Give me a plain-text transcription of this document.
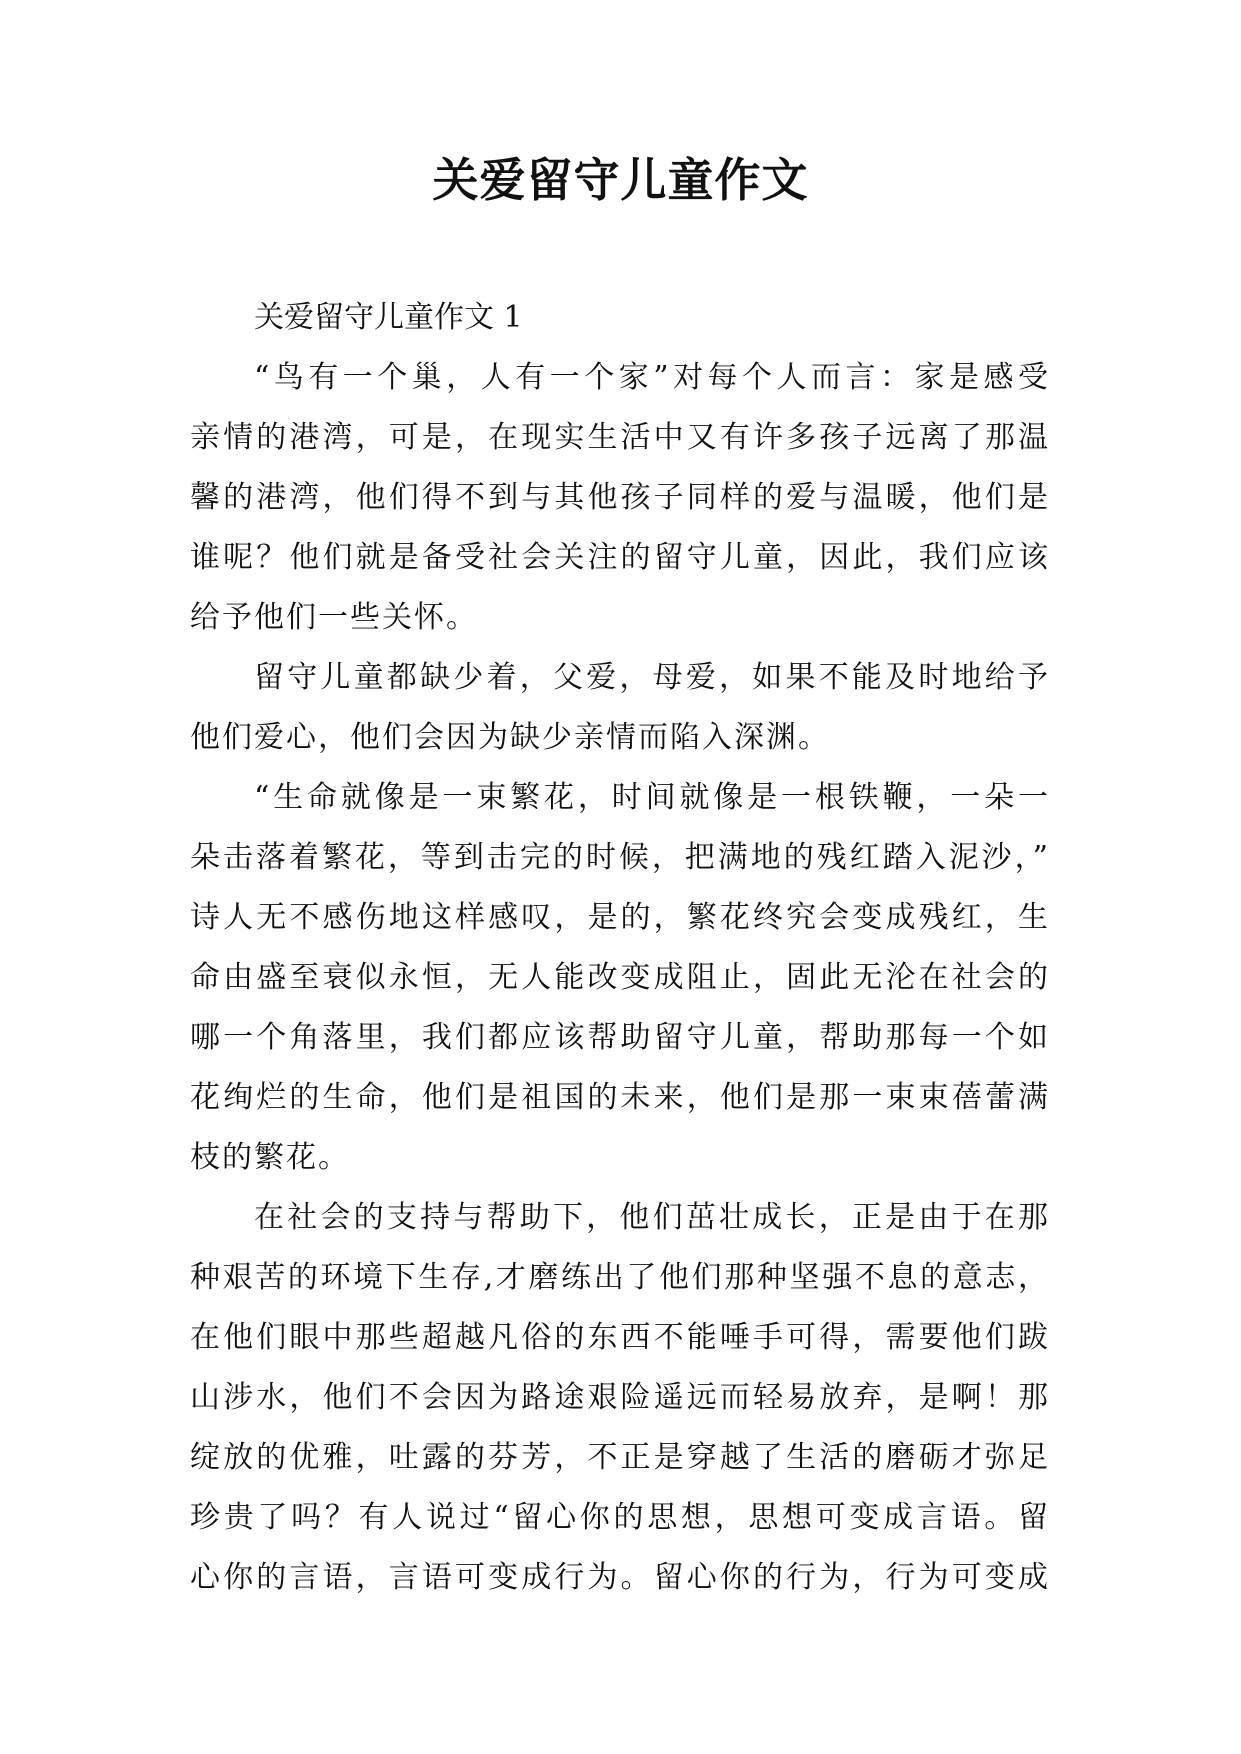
关爱留守儿童作文
关爱留守儿童作文 1
“鸟有一个巢，人有一个家”对每个人而言：家是感受
亲情的港湾，可是，在现实生活中又有许多孩子远离了那温
馨的港湾，他们得不到与其他孩子同样的爱与温暖，他们是
谁呢？他们就是备受社会关注的留守儿童，因此，我们应该
给予他们一些关怀。
留守儿童都缺少着，父爱，母爱，如果不能及时地给予
他们爱心，他们会因为缺少亲情而陷入深渊。
“生命就像是一束繁花，时间就像是一根铁鞭，一朵一
朵击落着繁花，等到击完的时候，把满地的残红踏入泥沙，”
诗人无不感伤地这样感叹，是的，繁花终究会变成残红，生
命由盛至衰似永恒，无人能改变成阻止，固此无沦在社会的
哪一个角落里，我们都应该帮助留守儿童，帮助那每一个如
花绚烂的生命，他们是祖国的未来，他们是那一束束蓓蕾满
枝的繁花。
在社会的支持与帮助下，他们茁壮成长，正是由于在那
种艰苦的环境下生存,才磨练出了他们那种坚强不息的意志，
在他们眼中那些超越凡俗的东西不能唾手可得，需要他们跋
山涉水，他们不会因为路途艰险遥远而轻易放弃，是啊！那
绽放的优雅，吐露的芬芳，不正是穿越了生活的磨砺才弥足
珍贵了吗？有人说过“留心你的思想，思想可变成言语。留
心你的言语，言语可变成行为。留心你的行为，行为可变成
